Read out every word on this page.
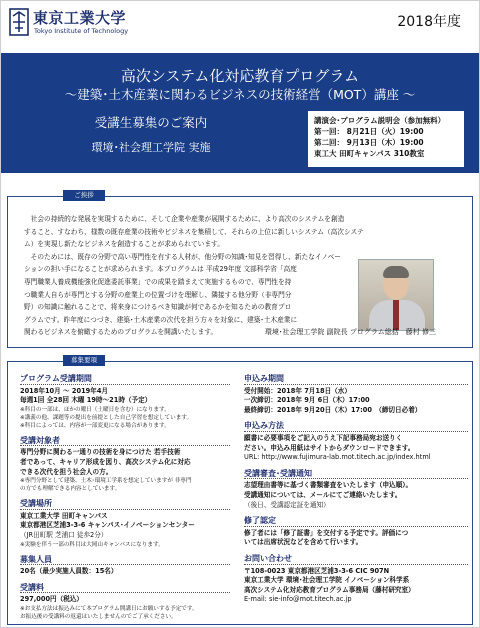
東京工業大学
Tokyo Institute of Technology
2018年度
高次システム化対応教育プログラム
～建築･土木産業に関わるビジネスの技術経営（MOT）講座 ～
受講生募集のご案内
環境･社会理工学院 実施
講演会･プログラム説明会（参加無料）
第一回： 8月21日（火）19:00
第二回： 9月13日（木）19:00
東工大 田町キャンパス 310教室
　社会の持続的な発展を実現するために、そして企業や産業が展開するために、より高次のシステムを創造
すること、すなわち、様数の既存産業の技術やビジネスを集積して、それらの上位に新しいシステム（高次システ
ム）を実現し新たなビジネスを創造することが求められています。
　そのためには、既存の分野で高い専門性を有する人材が、他分野の知識･知見を習得し、新たなイノベー
ションの担い手になることが求められます。本プログラムは 平成29年度 文部科学省「高度
専門職業人養成機能強化促進委託事業」での成果を踏まえて実施するもので、専門性を持
つ職業人自らが専門とする分野の産業上の位置づけを理解し、隣接する他分野（非専門分
野）の知識に触れることで、将来身につけるべき知識が何であるかを知るための教育プロ
グラムです。昨年度につづき、建築･土木産業の次代を担う方々を対象に、建築･土木産業に
関わるビジネスを俯瞰するためのプログラムを開講いたします。	環境･社会理工学院 副院長 プログラム総括　藤村 修三
ご挨拶
プログラム受講期間
2018年10月 ～ 2019年4月
毎週1回 全28回 木曜 19時～21時（予定）
※科目の一部は、ほかの曜日（土曜日を含む）になります。
※講義の他、課題等の提出を前提とした自己学習を想定しています。
※科目によっては、内容が一部変更になる場合があります。
受講対象者
専門分野に関わる一通りの技術を身につけた 若手技術
者であって、キャリア形成を図り、高次システム化に対応
できる次代を担う社会人の方。
※専門分野として建築、土木･環境工学系を想定していますが 非専門
の方でも理解できる内容としています。
受講場所
東京工業大学 田町キャンパス
東京都港区芝浦3-3-6 キャンパス･イノベーションセンター
（JR田町駅 芝浦口 徒歩2分）
※実験を伴う一部の科目は大岡山キャンパスになります。
募集人員
20名（最少実施人員数：15名）
受講料
297,000円（税込）
※お支払方法は振込みにて本プログラム開講日にお願いする予定です。
お振込後の受講料の返還はいたしませんのでご了承ください。
申込み期間
受付開始：2018年 7月18日（水）
一次締切：2018年 9月 6日（木）17:00
最終締切：2018年 9月20日（木）17:00　（締切日必着）
申込み方法
願書に必要事項をご記入のうえ下記事務局宛お送りく
ださい。申込み用紙はサイトからダウンロードできます。
URL: http://www.fujimura-lab.mot.titech.ac.jp/index.html
受講審査･受講通知
志望理由書等に基づく書類審査をいたします（申込順）。
受講通知については、メールにてご連絡いたします。
（後日、受講認定証を通知）
修了認定
修了者には「修了証書」を交付する予定です。評価につ
いては出席状況などを含めて行います。
お問い合わせ
〒108-0023 東京都港区芝浦3-3-6 CIC 907N
東京工業大学 環境･社会理工学院 イノベーション科学系
高次システム化対応教育プログラム事務局（藤村研究室）
E-mail: sie-info@mot.titech.ac.jp
募集要項
